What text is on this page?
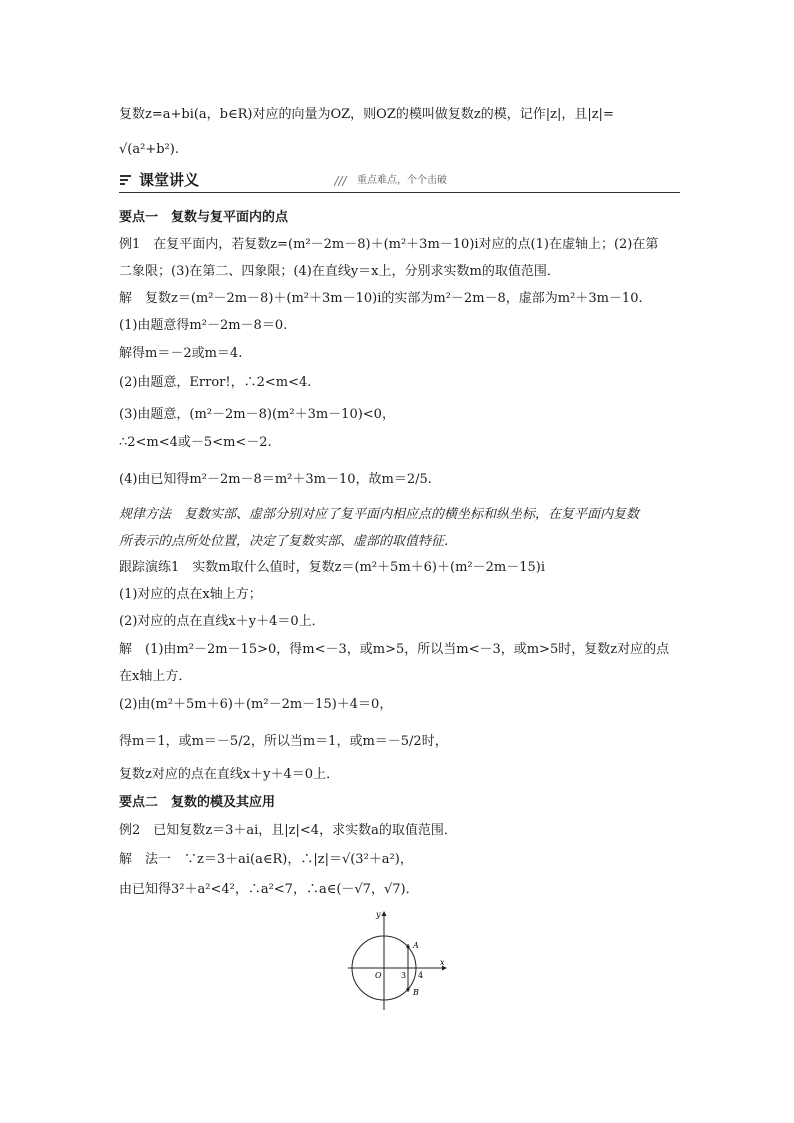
复数z=a+bi(a，b∈R)对应的向量为OZ，则OZ的模叫做复数z的模，记作|z|，且|z|=
√(a²+b²).
课堂讲义	重点难点，个个击破
要点一　复数与复平面内的点
例1　在复平面内，若复数z=(m²－2m－8)＋(m²＋3m－10)i对应的点(1)在虚轴上；(2)在第
二象限；(3)在第二、四象限；(4)在直线y＝x上，分别求实数m的取值范围．
解　复数z＝(m²－2m－8)＋(m²＋3m－10)i的实部为m²－2m－8，虚部为m²＋3m－10.
(1)由题意得m²－2m－8＝0.
解得m＝－2或m＝4.
(2)由题意，Error!，∴2<m<4.
(3)由题意，(m²－2m－8)(m²＋3m－10)<0，
∴2<m<4或－5<m<－2.
(4)由已知得m²－2m－8＝m²＋3m－10，故m＝2/5.
规律方法　复数实部、虚部分别对应了复平面内相应点的横坐标和纵坐标，在复平面内复数
所表示的点所处位置，决定了复数实部、虚部的取值特征．
跟踪演练1　实数m取什么值时，复数z＝(m²＋5m＋6)＋(m²－2m－15)i
(1)对应的点在x轴上方；
(2)对应的点在直线x＋y＋4＝0上．
解　(1)由m²－2m－15>0，得m<－3，或m>5，所以当m<－3，或m>5时，复数z对应的点
在x轴上方．
(2)由(m²＋5m＋6)＋(m²－2m－15)＋4＝0，
得m＝1，或m＝－5/2，所以当m＝1，或m＝－5/2时，
复数z对应的点在直线x＋y＋4＝0上．
要点二　复数的模及其应用
例2　已知复数z＝3＋ai，且|z|<4，求实数a的取值范围．
解　法一　∵z＝3＋ai(a∈R)，∴|z|＝√(3²＋a²)，
由已知得3²＋a²<4²，∴a²<7，∴a∈(－√7，√7)．
y
x
O 3 4
A
B
